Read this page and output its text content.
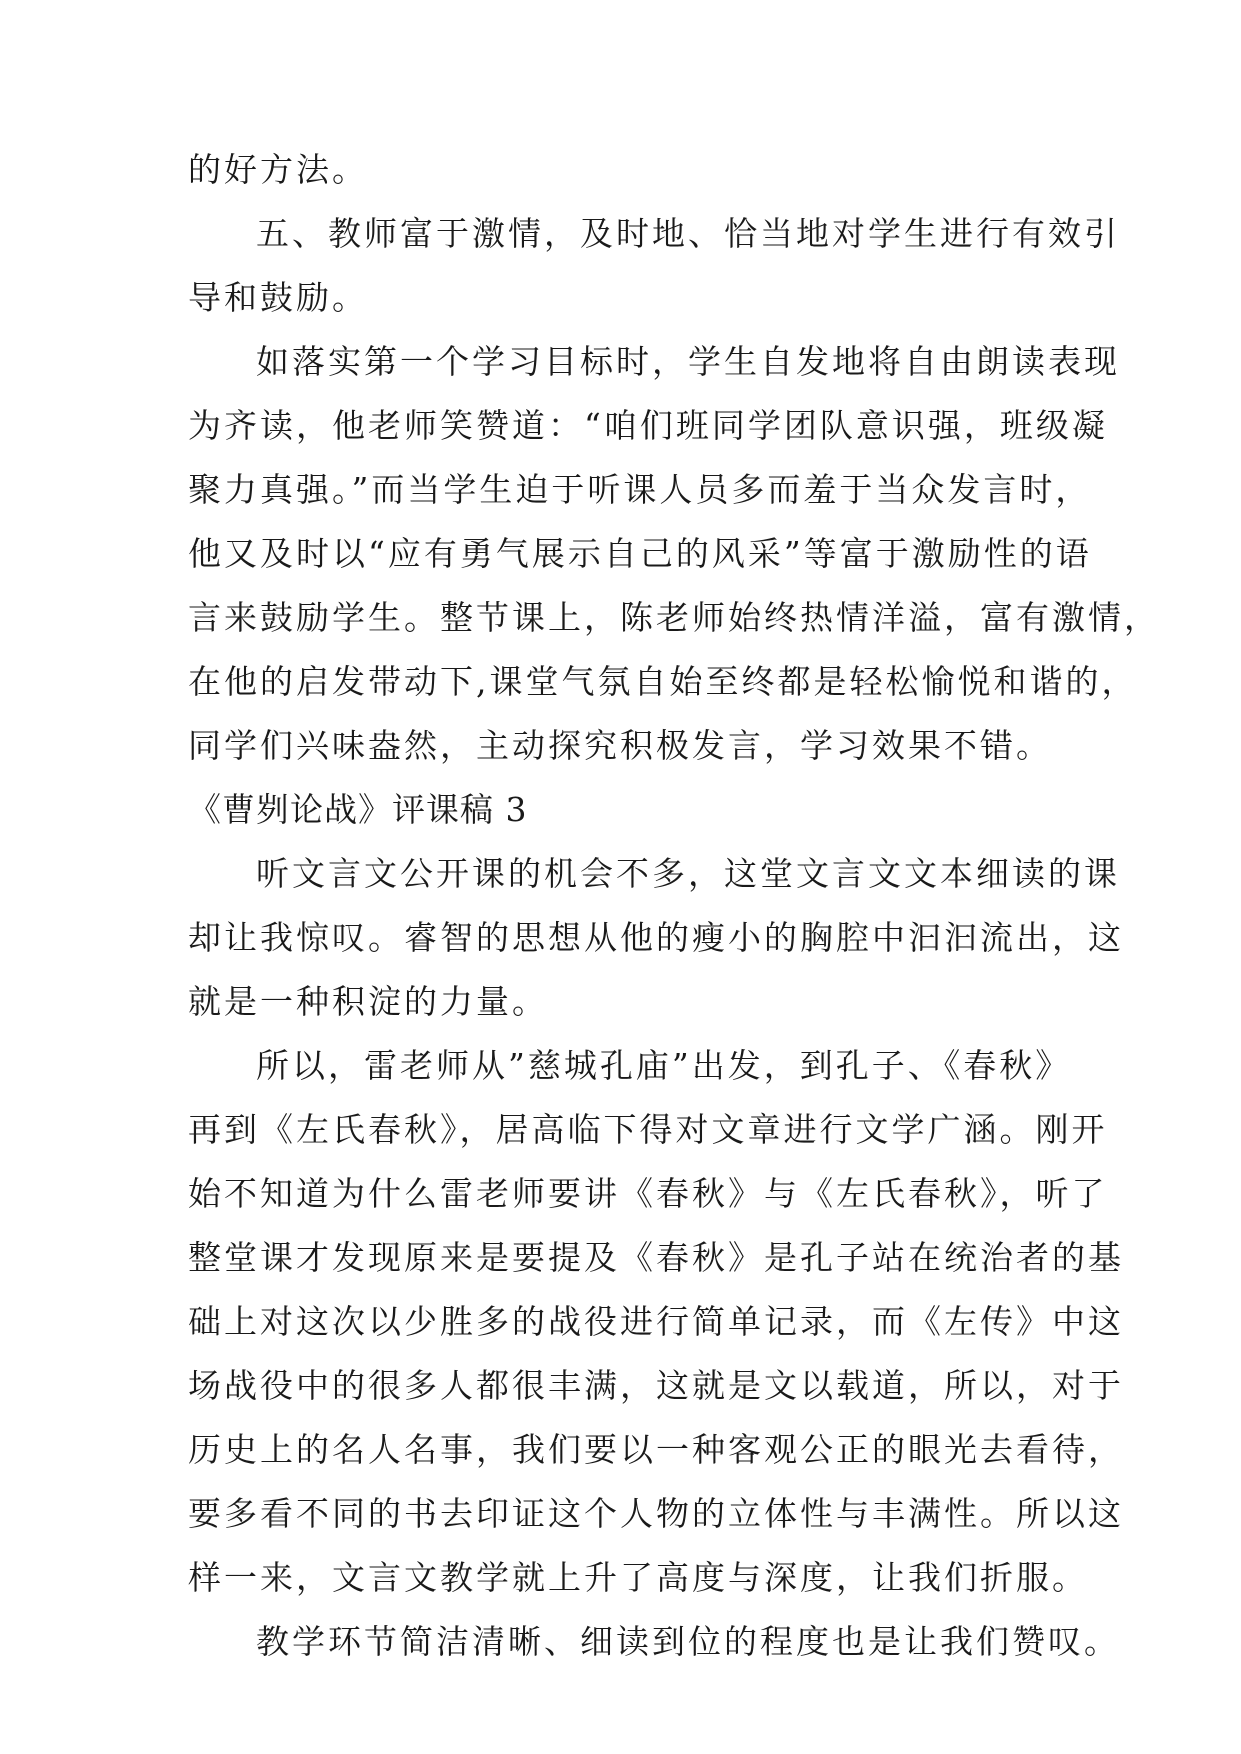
的好方法。
五、教师富于激情，及时地、恰当地对学生进行有效引
导和鼓励。
如落实第一个学习目标时，学生自发地将自由朗读表现
为齐读，他老师笑赞道：“咱们班同学团队意识强，班级凝
聚力真强。”而当学生迫于听课人员多而羞于当众发言时，
他又及时以“应有勇气展示自己的风采”等富于激励性的语
言来鼓励学生。整节课上，陈老师始终热情洋溢，富有激情，
在他的启发带动下,课堂气氛自始至终都是轻松愉悦和谐的，
同学们兴味盎然，主动探究积极发言，学习效果不错。
《曹刿论战》评课稿 3
听文言文公开课的机会不多，这堂文言文文本细读的课
却让我惊叹。睿智的思想从他的瘦小的胸腔中汩汩流出，这
就是一种积淀的力量。
所以，雷老师从”慈城孔庙”出发，到孔子、《春秋》
再到《左氏春秋》，居高临下得对文章进行文学广涵。刚开
始不知道为什么雷老师要讲《春秋》与《左氏春秋》，听了
整堂课才发现原来是要提及《春秋》是孔子站在统治者的基
础上对这次以少胜多的战役进行简单记录，而《左传》中这
场战役中的很多人都很丰满，这就是文以载道，所以，对于
历史上的名人名事，我们要以一种客观公正的眼光去看待，
要多看不同的书去印证这个人物的立体性与丰满性。所以这
样一来，文言文教学就上升了高度与深度，让我们折服。
教学环节简洁清晰、细读到位的程度也是让我们赞叹。
